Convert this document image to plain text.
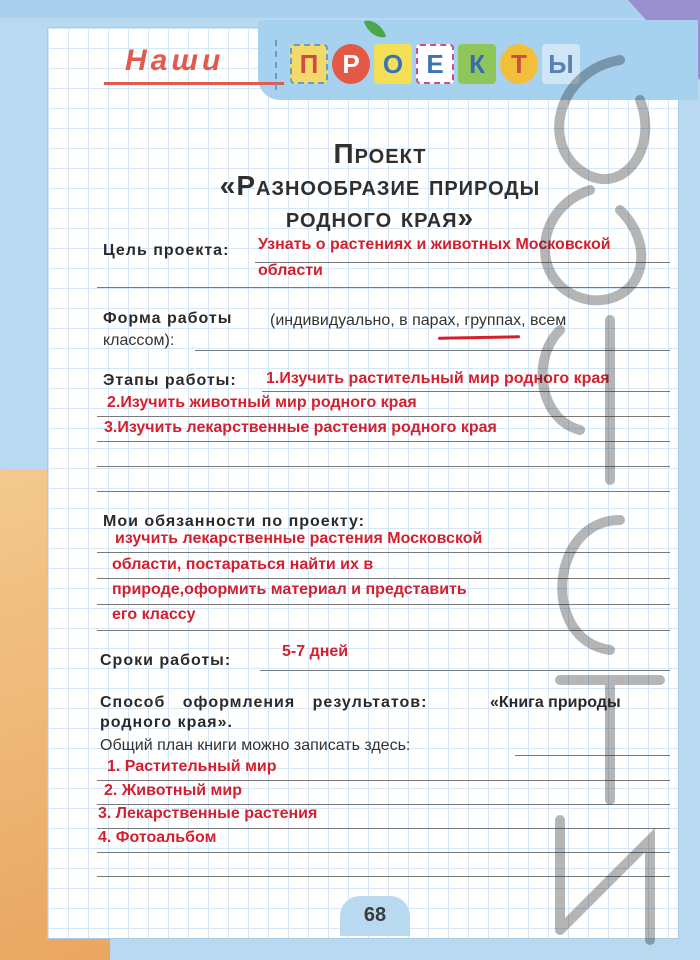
Наши	П Р О Е К	Т Ы
Проект
«Разнообразие природы
родного края»
Цель проекта: Узнать о растениях и животных Московской
области
Форма работы (индивидуально, в парах, группах, всем
классом):
Этапы работы: 1.Изучить растительный мир родного края
2.Изучить животный мир родного края
3.Изучить лекарственные растения родного края
Мои обязанности по проекту:
изучить лекарственные растения Московской
области, постараться найти их в
природе,оформить материал и представить
его классу
Сроки работы:
5-7 дней
Способ оформления результатов:	«Книга природы
родного края».
Общий план книги можно записать здесь:
1. Растительный мир
2. Животный мир
3. Лекарственные растения
4. Фотоальбом
68
